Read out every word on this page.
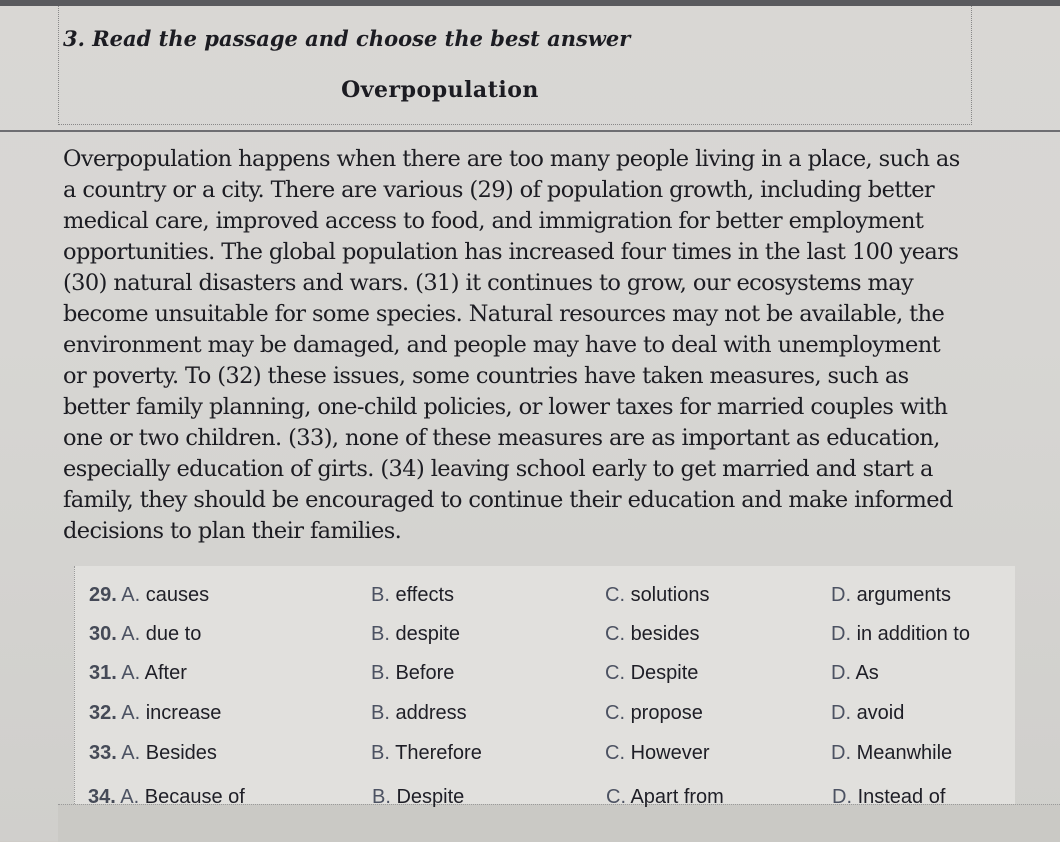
3. Read the passage and choose the best answer
Overpopulation
Overpopulation happens when there are too many people living in a place, such as
a country or a city. There are various (29) of population growth, including better
medical care, improved access to food, and immigration for better employment
opportunities. The global population has increased four times in the last 100 years
(30) natural disasters and wars. (31) it continues to grow, our ecosystems may
become unsuitable for some species. Natural resources may not be available, the
environment may be damaged, and people may have to deal with unemployment
or poverty. To (32) these issues, some countries have taken measures, such as
better family planning, one-child policies, or lower taxes for married couples with
one or two children. (33), none of these measures are as important as education,
especially education of girts. (34) leaving school early to get married and start a
family, they should be encouraged to continue their education and make informed
decisions to plan their families.
29. A. causes	B. effects	C. solutions	D. arguments
30. A. due to	B. despite	C. besides	D. in addition to
31. A. After	B. Before	C. Despite	D. As
32. A. increase	B. address	C. propose	D. avoid
33. A. Besides	B. Therefore	C. However	D. Meanwhile
34. A. Because of	B. Despite	C. Apart from	D. Instead of
